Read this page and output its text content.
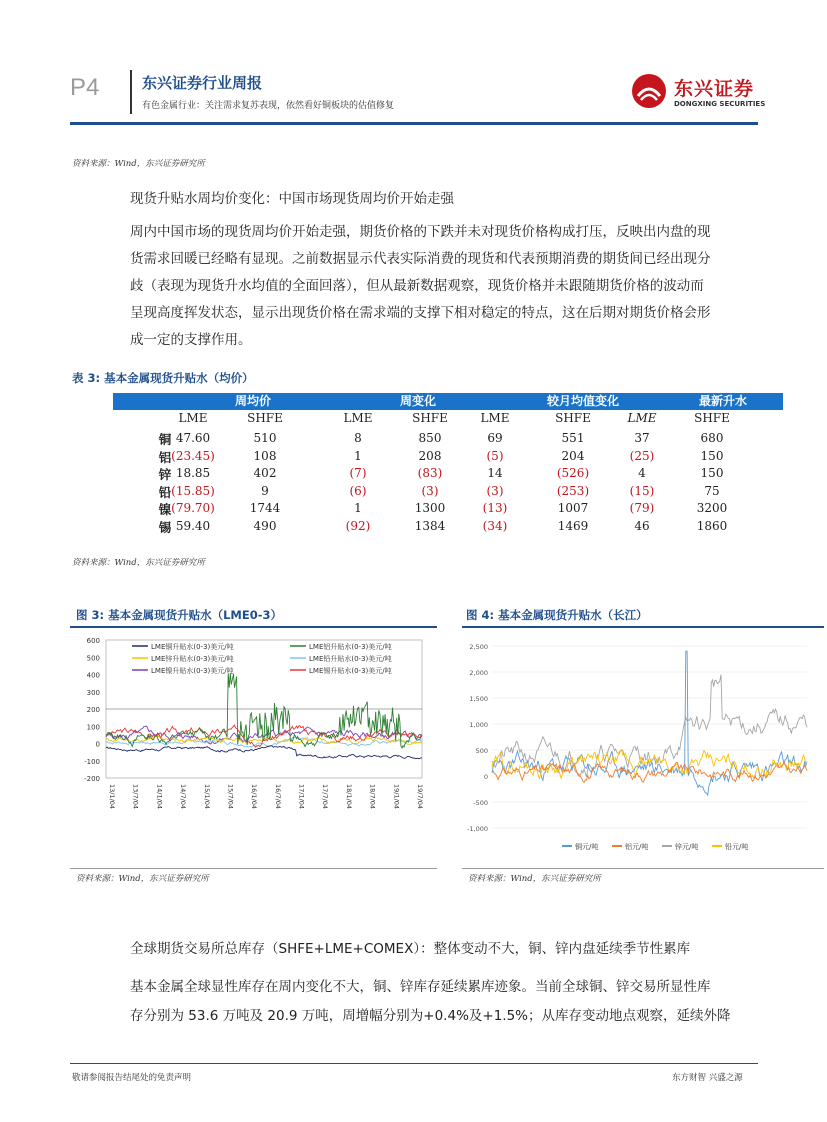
P4	东兴证券行业周报
有色金属行业：关注需求复苏表现，依然看好铜板块的估值修复
东兴证券
DONGXING SECURITIES
资料来源：Wind，东兴证券研究所
现货升贴水周均价变化：中国市场现货周均价开始走强
周内中国市场的现货周均价开始走强，期货价格的下跌并未对现货价格构成打压，反映出内盘的现
货需求回暖已经略有显现。之前数据显示代表实际消费的现货和代表预期消费的期货间已经出现分
歧（表现为现货升水均值的全面回落），但从最新数据观察，现货价格并未跟随期货价格的波动而
呈现高度挥发状态，显示出现货价格在需求端的支撑下相对稳定的特点，这在后期对期货价格会形
成一定的支撑作用。
表 3: 基本金属现货升贴水（均价）
周均价	周变化	较月均值变化	最新升水
LME	SHFE	LME	SHFE	LME	SHFE	LME	SHFE
铜 47.60	510	8	850	69	551	37	680
铝 (23.45)	108	1	208	(5)	204	(25)	150
锌 18.85	402	(7)	(83)	14	(526)	4	150
铅 (15.85)	9	(6)	(3)	(3)	(253)	(15)	75
镍 (79.70)	1744	1	1300	(13)	1007	(79)	3200
锡 59.40	490	(92)	1384	(34)	1469	46	1860
资料来源：Wind，东兴证券研究所
图 3: 基本金属现货升贴水（LME0-3）
600
500
400
300
200
100
0
-100
-200
13/1/04 13/7/04 14/1/04 14/7/04 15/1/04 15/7/04 16/1/04 16/7/04 17/1/04 17/7/04 18/1/04 18/7/04 19/1/04 19/7/04
LME铜升贴水(0-3)美元/吨	LME铝升贴水(0-3)美元/吨
LME锌升贴水(0-3)美元/吨	LME铅升贴水(0-3)美元/吨
LME镍升贴水(0-3)美元/吨	LME锡升贴水(0-3)美元/吨
资料来源：Wind，东兴证券研究所
图 4: 基本金属现货升贴水（长江）
2,500
2,000
1,500
1,000
500
0
-500
-1,000
铜元/吨	铝元/吨	锌元/吨	铅元/吨
资料来源：Wind，东兴证券研究所
全球期货交易所总库存（SHFE+LME+COMEX）：整体变动不大，铜、锌内盘延续季节性累库
基本金属全球显性库存在周内变化不大，铜、锌库存延续累库迹象。当前全球铜、锌交易所显性库
存分别为 53.6 万吨及 20.9 万吨，周增幅分别为+0.4%及+1.5%；从库存变动地点观察，延续外降
敬请参阅报告结尾处的免责声明	东方财智 兴盛之源
